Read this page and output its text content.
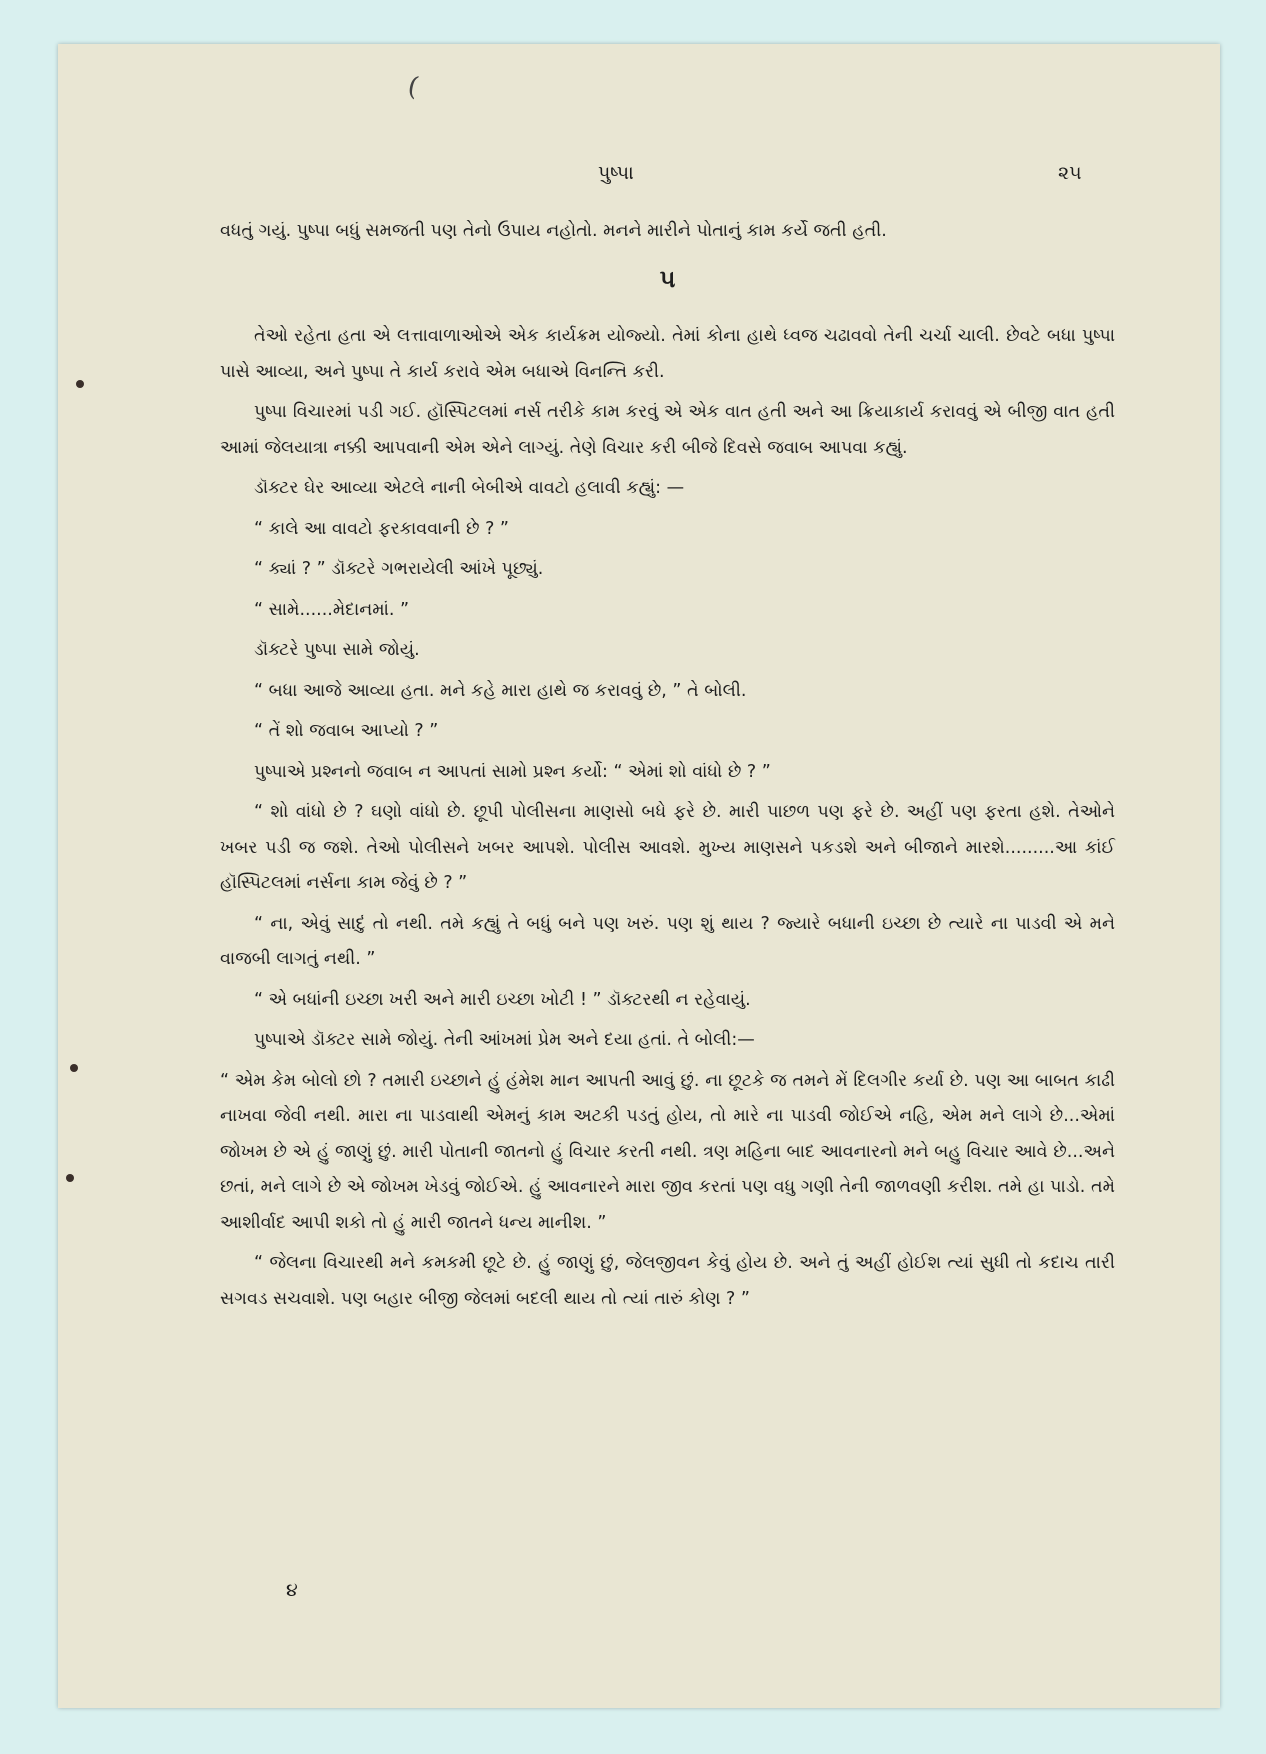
(
પુષ્પા	૨૫

વધતું ગયું. પુષ્પા બધું સમજતી પણ તેનો ઉપાય નહોતો. મનને મારીને પોતાનું કામ કર્યે જતી હતી.

૫

તેઓ રહેતા હતા એ લત્તાવાળાઓએ એક કાર્યક્રમ યોજ્યો. તેમાં કોના હાથે ધ્વજ ચઢાવવો તેની ચર્ચા ચાલી. છેવટે બધા પુષ્પા પાસે આવ્યા, અને પુષ્પા તે કાર્ય કરાવે એમ બધાએ વિનન્તિ કરી.

પુષ્પા વિચારમાં પડી ગઈ. હૉસ્પિટલમાં નર્સ તરીકે કામ કરવું એ એક વાત હતી અને આ ક્રિયાકાર્ય કરાવવું એ બીજી વાત હતી આમાં જેલયાત્રા નક્કી આપવાની એમ એને લાગ્યું. તેણે વિચાર કરી બીજે દિવસે જવાબ આપવા કહ્યું.

ડૉક્ટર ઘેર આવ્યા એટલે નાની બેબીએ વાવટો હલાવી કહ્યું: —

“ કાલે આ વાવટો ફરકાવવાની છે ? ”

“ ક્યાં ? ” ડૉક્ટરે ગભરાયેલી આંખે પૂછ્યું.

“ સામે......મેદાનમાં. ”

ડૉક્ટરે પુષ્પા સામે જોયું.

“ બધા આજે આવ્યા હતા. મને કહે મારા હાથે જ કરાવવું છે, ” તે બોલી.

“ તેં શો જવાબ આપ્યો ? ”

પુષ્પાએ પ્રશ્નનો જવાબ ન આપતાં સામો પ્રશ્ન કર્યો: “ એમાં શો વાંધો છે ? ”

“ શો વાંધો છે ? ઘણો વાંધો છે. છૂપી પોલીસના માણસો બધે ફરે છે. મારી પાછળ પણ ફરે છે. અહીં પણ ફરતા હશે. તેઓને ખબર પડી જ જશે. તેઓ પોલીસને ખબર આપશે. પોલીસ આવશે. મુખ્ય માણસને પકડશે અને બીજાને મારશે.........આ કાંઈ હૉસ્પિટલમાં નર્સના કામ જેવું છે ? ”

“ ના, એવું સાદું તો નથી. તમે કહ્યું તે બધું બને પણ ખરું. પણ શું થાય ? જ્યારે બધાની ઇચ્છા છે ત્યારે ના પાડવી એ મને વાજબી લાગતું નથી. ”

“ એ બધાંની ઇચ્છા ખરી અને મારી ઇચ્છા ખોટી ! ” ડૉક્ટરથી ન રહેવાયું.

પુષ્પાએ ડૉક્ટર સામે જોયું. તેની આંખમાં પ્રેમ અને દયા હતાં. તે બોલી:—

“ એમ કેમ બોલો છો ? તમારી ઇચ્છાને હું હંમેશ માન આપતી આવું છું. ના છૂટકે જ તમને મેં દિલગીર કર્યા છે. પણ આ બાબત કાઢી નાખવા જેવી નથી. મારા ના પાડવાથી એમનું કામ અટકી પડતું હોય, તો મારે ના પાડવી જોઈએ નહિ, એમ મને લાગે છે...એમાં જોખમ છે એ હું જાણું છું. મારી પોતાની જાતનો હું વિચાર કરતી નથી. ત્રણ મહિના બાદ આવનારનો મને બહુ વિચાર આવે છે...અને છતાં, મને લાગે છે એ જોખમ ખેડવું જોઈએ. હું આવનારને મારા જીવ કરતાં પણ વધુ ગણી તેની જાળવણી કરીશ. તમે હા પાડો. તમે આશીર્વાદ આપી શકો તો હું મારી જાતને ધન્ય માનીશ. ”

“ જેલના વિચારથી મને કમકમી છૂટે છે. હું જાણું છું, જેલજીવન કેવું હોય છે. અને તું અહીં હોઈશ ત્યાં સુધી તો કદાચ તારી સગવડ સચવાશે. પણ બહાર બીજી જેલમાં બદલી થાય તો ત્યાં તારું કોણ ? ”

૪
